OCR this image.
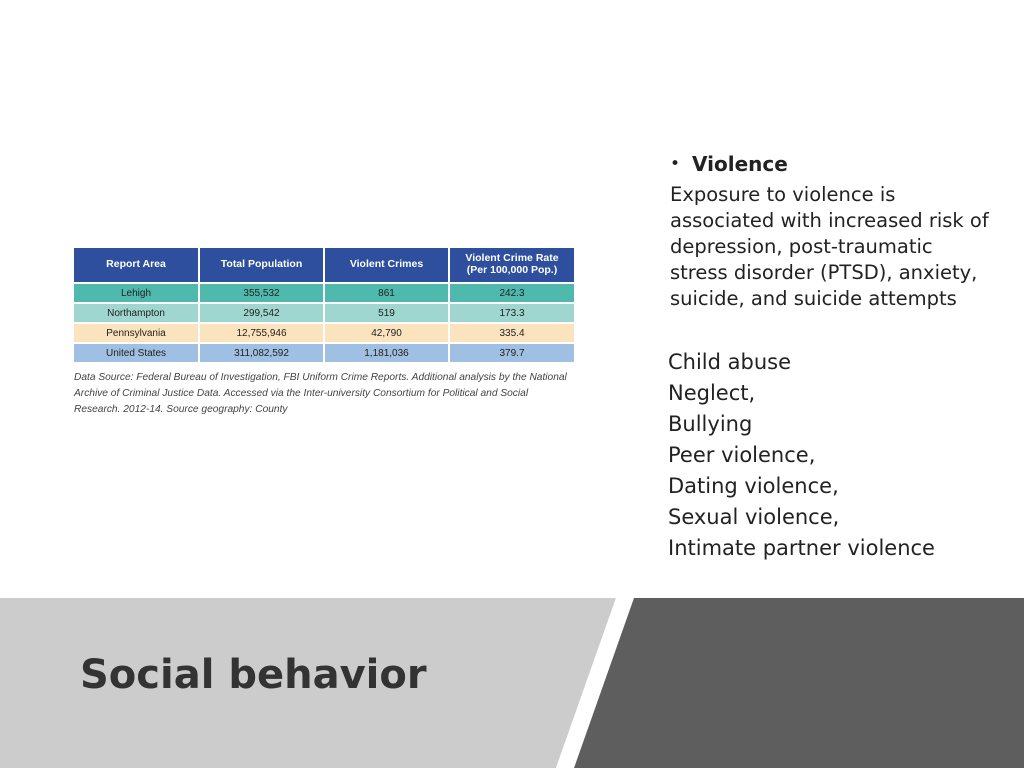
Report Area	Total Population	Violent Crimes	Violent Crime Rate
(Per 100,000 Pop.)

Lehigh	355,532	861	242.3
Northampton	299,542	519	173.3
Pennsylvania	12,755,946	42,790	335.4
United States	311,082,592	1,181,036	379.7
Data Source: Federal Bureau of Investigation, FBI Uniform Crime Reports. Additional analysis by the National Archive of Criminal Justice Data. Accessed via the Inter-university Consortium for Political and Social Research. 2012-14. Source geography: County
• Violence
Exposure to violence is associated with increased risk of depression, post-traumatic stress disorder (PTSD), anxiety, suicide, and suicide attempts
Child abuse
Neglect,
Bullying
Peer violence,
Dating violence,
Sexual violence,
Intimate partner violence
Social behavior
